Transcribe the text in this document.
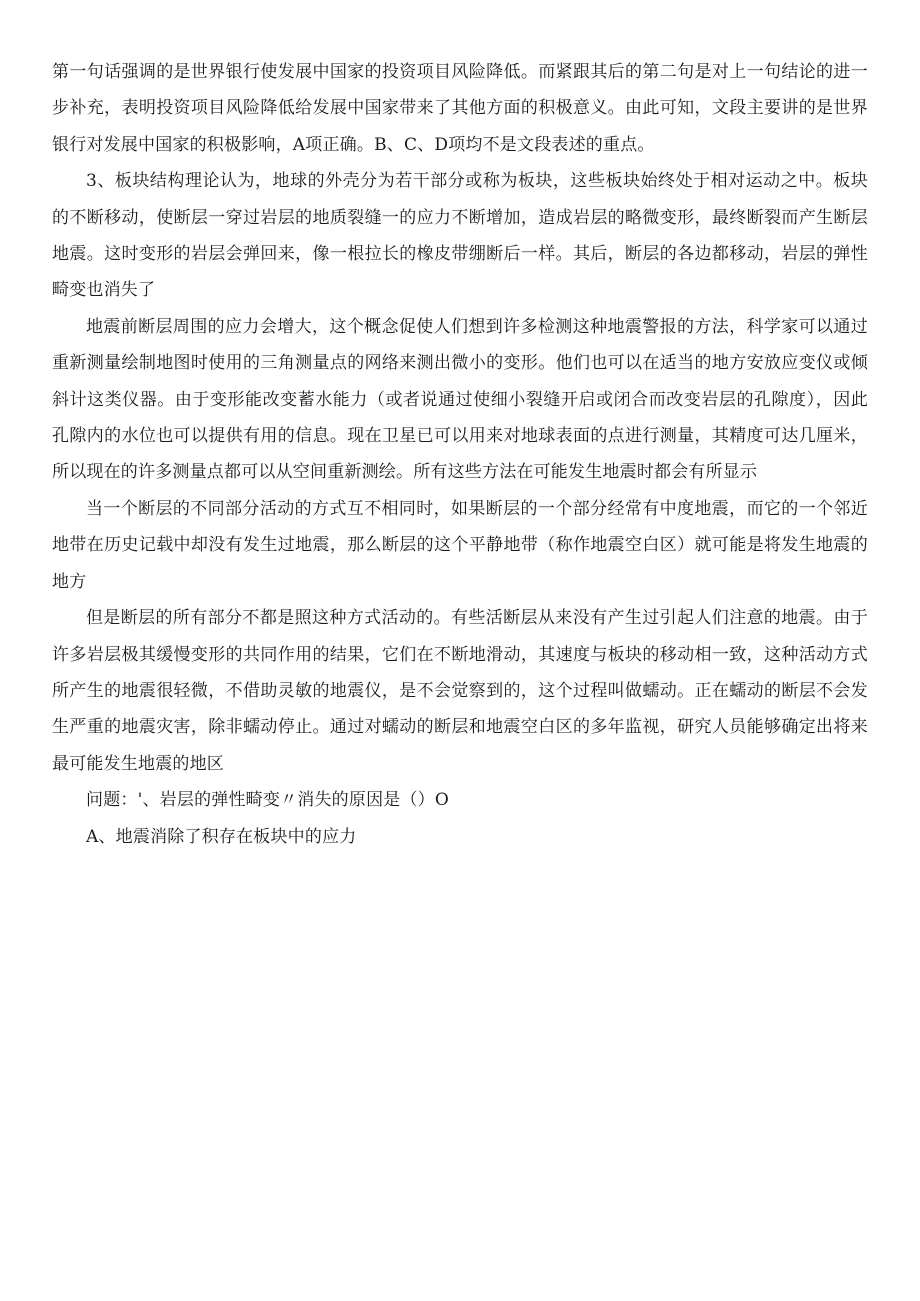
第一句话强调的是世界银行使发展中国家的投资项目风险降低。而紧跟其后的第二句是对上一句结论的进一步补充，表明投资项目风险降低给发展中国家带来了其他方面的积极意义。由此可知，文段主要讲的是世界银行对发展中国家的积极影响，A项正确。B、C、D项均不是文段表述的重点。

3、板块结构理论认为，地球的外壳分为若干部分或称为板块，这些板块始终处于相对运动之中。板块的不断移动，使断层一穿过岩层的地质裂缝一的应力不断增加，造成岩层的略微变形，最终断裂而产生断层地震。这时变形的岩层会弹回来，像一根拉长的橡皮带绷断后一样。其后，断层的各边都移动，岩层的弹性畸变也消失了

地震前断层周围的应力会增大，这个概念促使人们想到许多检测这种地震警报的方法，科学家可以通过重新测量绘制地图时使用的三角测量点的网络来测出微小的变形。他们也可以在适当的地方安放应变仪或倾斜计这类仪器。由于变形能改变蓄水能力（或者说通过使细小裂缝开启或闭合而改变岩层的孔隙度），因此孔隙内的水位也可以提供有用的信息。现在卫星已可以用来对地球表面的点进行测量，其精度可达几厘米，所以现在的许多测量点都可以从空间重新测绘。所有这些方法在可能发生地震时都会有所显示

当一个断层的不同部分活动的方式互不相同时，如果断层的一个部分经常有中度地震，而它的一个邻近地带在历史记载中却没有发生过地震，那么断层的这个平静地带（称作地震空白区）就可能是将发生地震的地方

但是断层的所有部分不都是照这种方式活动的。有些活断层从来没有产生过引起人们注意的地震。由于许多岩层极其缓慢变形的共同作用的结果，它们在不断地滑动，其速度与板块的移动相一致，这种活动方式所产生的地震很轻微，不借助灵敏的地震仪，是不会觉察到的，这个过程叫做蠕动。正在蠕动的断层不会发生严重的地震灾害，除非蠕动停止。通过对蠕动的断层和地震空白区的多年监视，研究人员能够确定出将来最可能发生地震的地区

问题：'、岩层的弹性畸变〃消失的原因是（）O

A、地震消除了积存在板块中的应力
